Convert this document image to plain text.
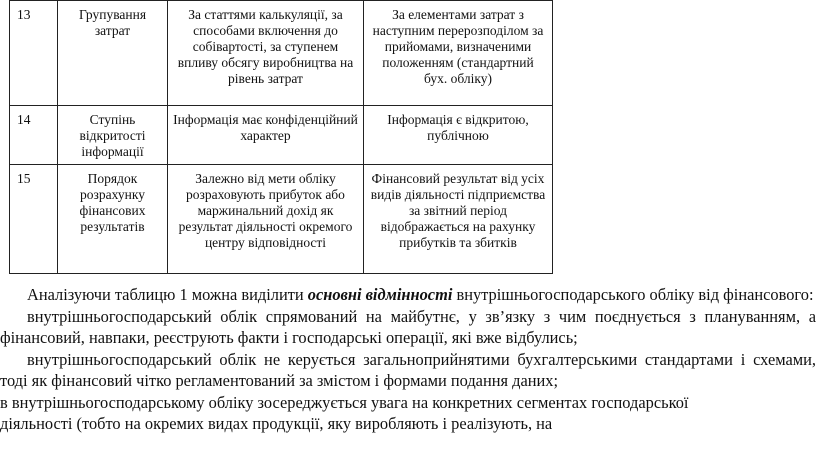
13	Групування затрат	За статтями калькуляції, за способами включення до собівартості, за ступенем впливу обсягу виробництва на рівень затрат	За елементами затрат з наступним перерозподілом за прийомами, визначеними положенням (стандартний бух. обліку)
14	Ступінь відкритості інформації	Інформація має конфіденційний характер	Інформація є відкритою, публічною
15	Порядок розрахунку фінансових результатів	Залежно від мети обліку розраховують прибуток або маржинальний дохід як результат діяльності окремого центру відповідності	Фінансовий результат від усіх видів діяльності підприємства за звітний період відображається на рахунку прибутків та збитків

Аналізуючи таблицю 1 можна виділити основні відмінності внутрішньогосподарського обліку від фінансового:

внутрішньогосподарський облік спрямований на майбутнє, у зв’язку з чим поєднується з плануванням, а фінансовий, навпаки, реєструють факти і господарські операції, які вже відбулись;

внутрішньогосподарський облік не керується загальноприйнятими бухгалтерськими стандартами і схемами, тоді як фінансовий чітко регламентований за змістом і формами подання даних;

в внутрішньогосподарському обліку зосереджується увага на конкретних сегментах господарської

діяльності (тобто на окремих видах продукції, яку виробляють і реалізують, на
